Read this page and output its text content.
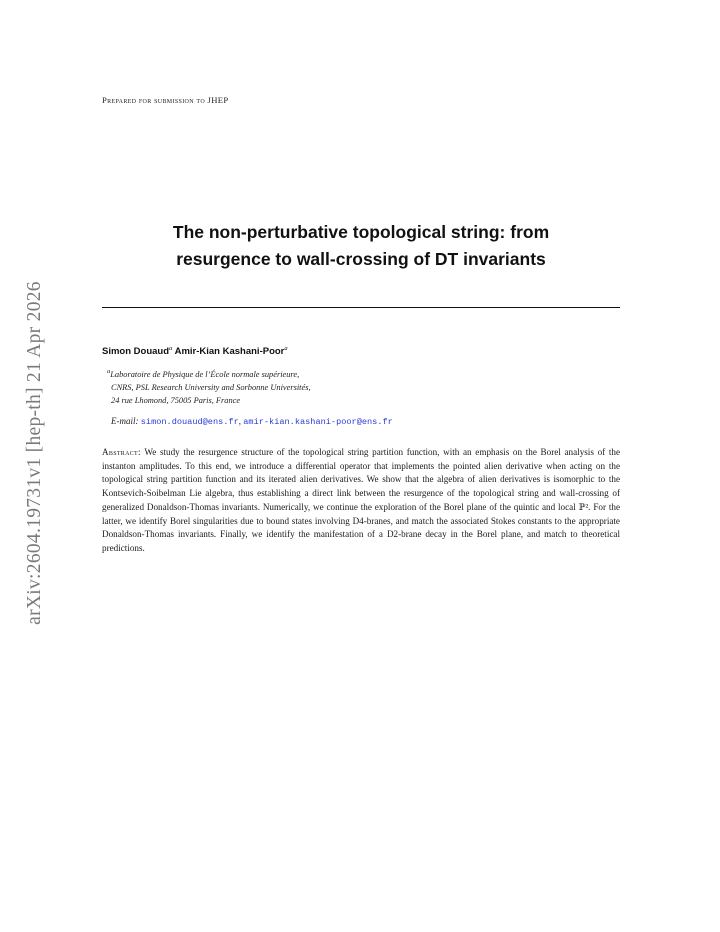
arXiv:2604.19731v1 [hep-th] 21 Apr 2026
Prepared for submission to JHEP
The non-perturbative topological string: from
resurgence to wall-crossing of DT invariants
Simon Douaud$^a$ Amir-Kian Kashani-Poor$^a$
$^a$Laboratoire de Physique de l’École normale supérieure,
CNRS, PSL Research University and Sorbonne Universités,
24 rue Lhomond, 75005 Paris, France
E-mail: simon.douaud@ens.fr, amir-kian.kashani-poor@ens.fr
Abstract: We study the resurgence structure of the topological string partition function, with an emphasis on the Borel analysis of the instanton amplitudes. To this end, we introduce a differential operator that implements the pointed alien derivative when acting on the topological string partition function and its iterated alien derivatives. We show that the algebra of alien derivatives is isomorphic to the Kontsevich-Soibelman Lie algebra, thus establishing a direct link between the resurgence of the topological string and wall-crossing of generalized Donaldson-Thomas invariants. Numerically, we continue the exploration of the Borel plane of the quintic and local ℙ². For the latter, we identify Borel singularities due to bound states involving D4-branes, and match the associated Stokes constants to the appropriate Donaldson-Thomas invariants. Finally, we identify the manifestation of a D2-brane decay in the Borel plane, and match to theoretical predictions.
